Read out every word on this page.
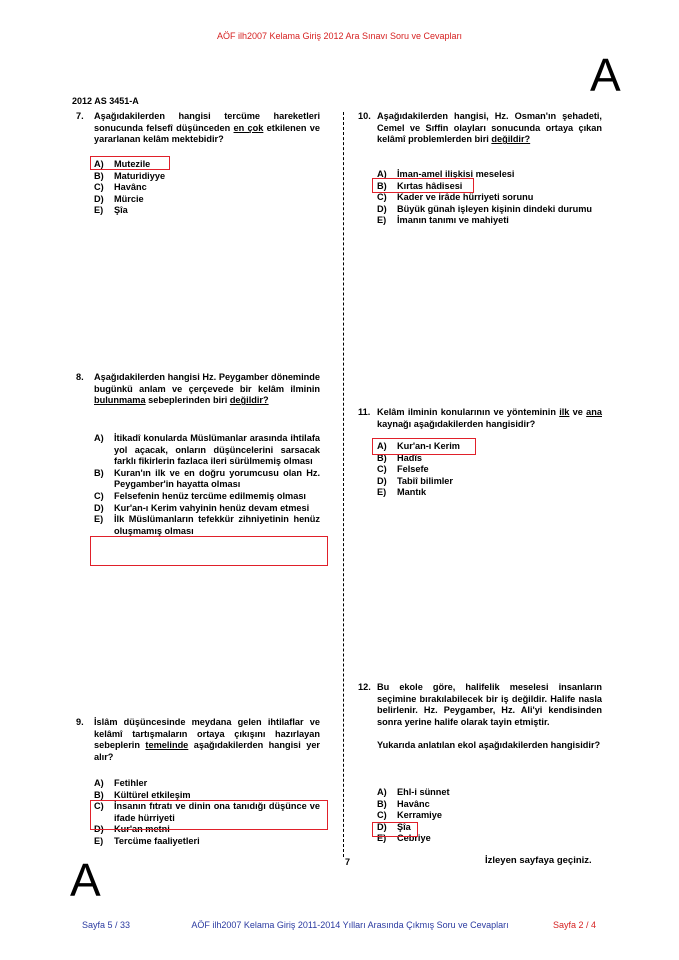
AÖF ilh2007 Kelama Giriş 2012 Ara Sınavı Soru ve Cevapları
A
2012 AS 3451-A
7. Aşağıdakilerden hangisi tercüme hareketleri sonucunda felsefî düşünceden en çok etkilenen ve yararlanan kelâm mektebidir?
A)	Mutezile
B)	Maturidiyye
C)	Havânc
D)	Mürcie
E)	Şîa
8. Aşağıdakilerden hangisi Hz. Peygamber döneminde bugünkü anlam ve çerçevede bir kelâm ilminin bulunmama sebeplerinden biri değildir?
A)	İtikadî konularda Müslümanlar arasında ihtilafa yol açacak, onların düşüncelerini sarsacak farklı fikirlerin fazlaca ileri sürülmemiş olması
B)	Kuran'ın ilk ve en doğru yorumcusu olan Hz. Peygamber'in hayatta olması
C)	Felsefenin henüz tercüme edilmemiş olması
D)	Kur'an-ı Kerim vahyinin henüz devam etmesi
E)	İlk Müslümanların tefekkür zihniyetinin henüz oluşmamış olması
9. İslâm düşüncesinde meydana gelen ihtilaflar ve kelâmî tartışmaların ortaya çıkışını hazırlayan sebeplerin temelinde aşağıdakilerden hangisi yer alır?
A)	Fetihler
B)	Kültürel etkileşim
C)	İnsanın fıtratı ve dinin ona tanıdığı düşünce ve ifade hürriyeti
D)	Kur'an metni
E)	Tercüme faaliyetleri
10. Aşağıdakilerden hangisi, Hz. Osman'ın şehadeti, Cemel ve Sıffin olayları sonucunda ortaya çıkan kelâmî problemlerden biri değildir?
A)	İman-amel ilişkisi meselesi
B)	Kırtas hâdisesi
C)	Kader ve irâde hürriyeti sorunu
D)	Büyük günah işleyen kişinin dindeki durumu
E)	İmanın tanımı ve mahiyeti
11. Kelâm ilminin konularının ve yönteminin ilk ve ana kaynağı aşağıdakilerden hangisidir?
A)	Kur'an-ı Kerim
B)	Hadîs
C)	Felsefe
D)	Tabiî bilimler
E)	Mantık
12. Bu ekole göre, halifelik meselesi insanların seçimine bırakılabilecek bir iş değildir. Halife nasla belirlenir. Hz. Peygamber, Hz. Ali'yi kendisinden sonra yerine halife olarak tayin etmiştir.

Yukarıda anlatılan ekol aşağıdakilerden hangisidir?
A)	Ehl-i sünnet
B)	Havânc
C)	Kerramiye
D)	Şîa
E)	Cebriye
A	7	İzleyen sayfaya geçiniz.
Sayfa 5 / 33	AÖF ilh2007 Kelama Giriş 2011-2014 Yılları Arasında Çıkmış Soru ve Cevapları	Sayfa 2 / 4
